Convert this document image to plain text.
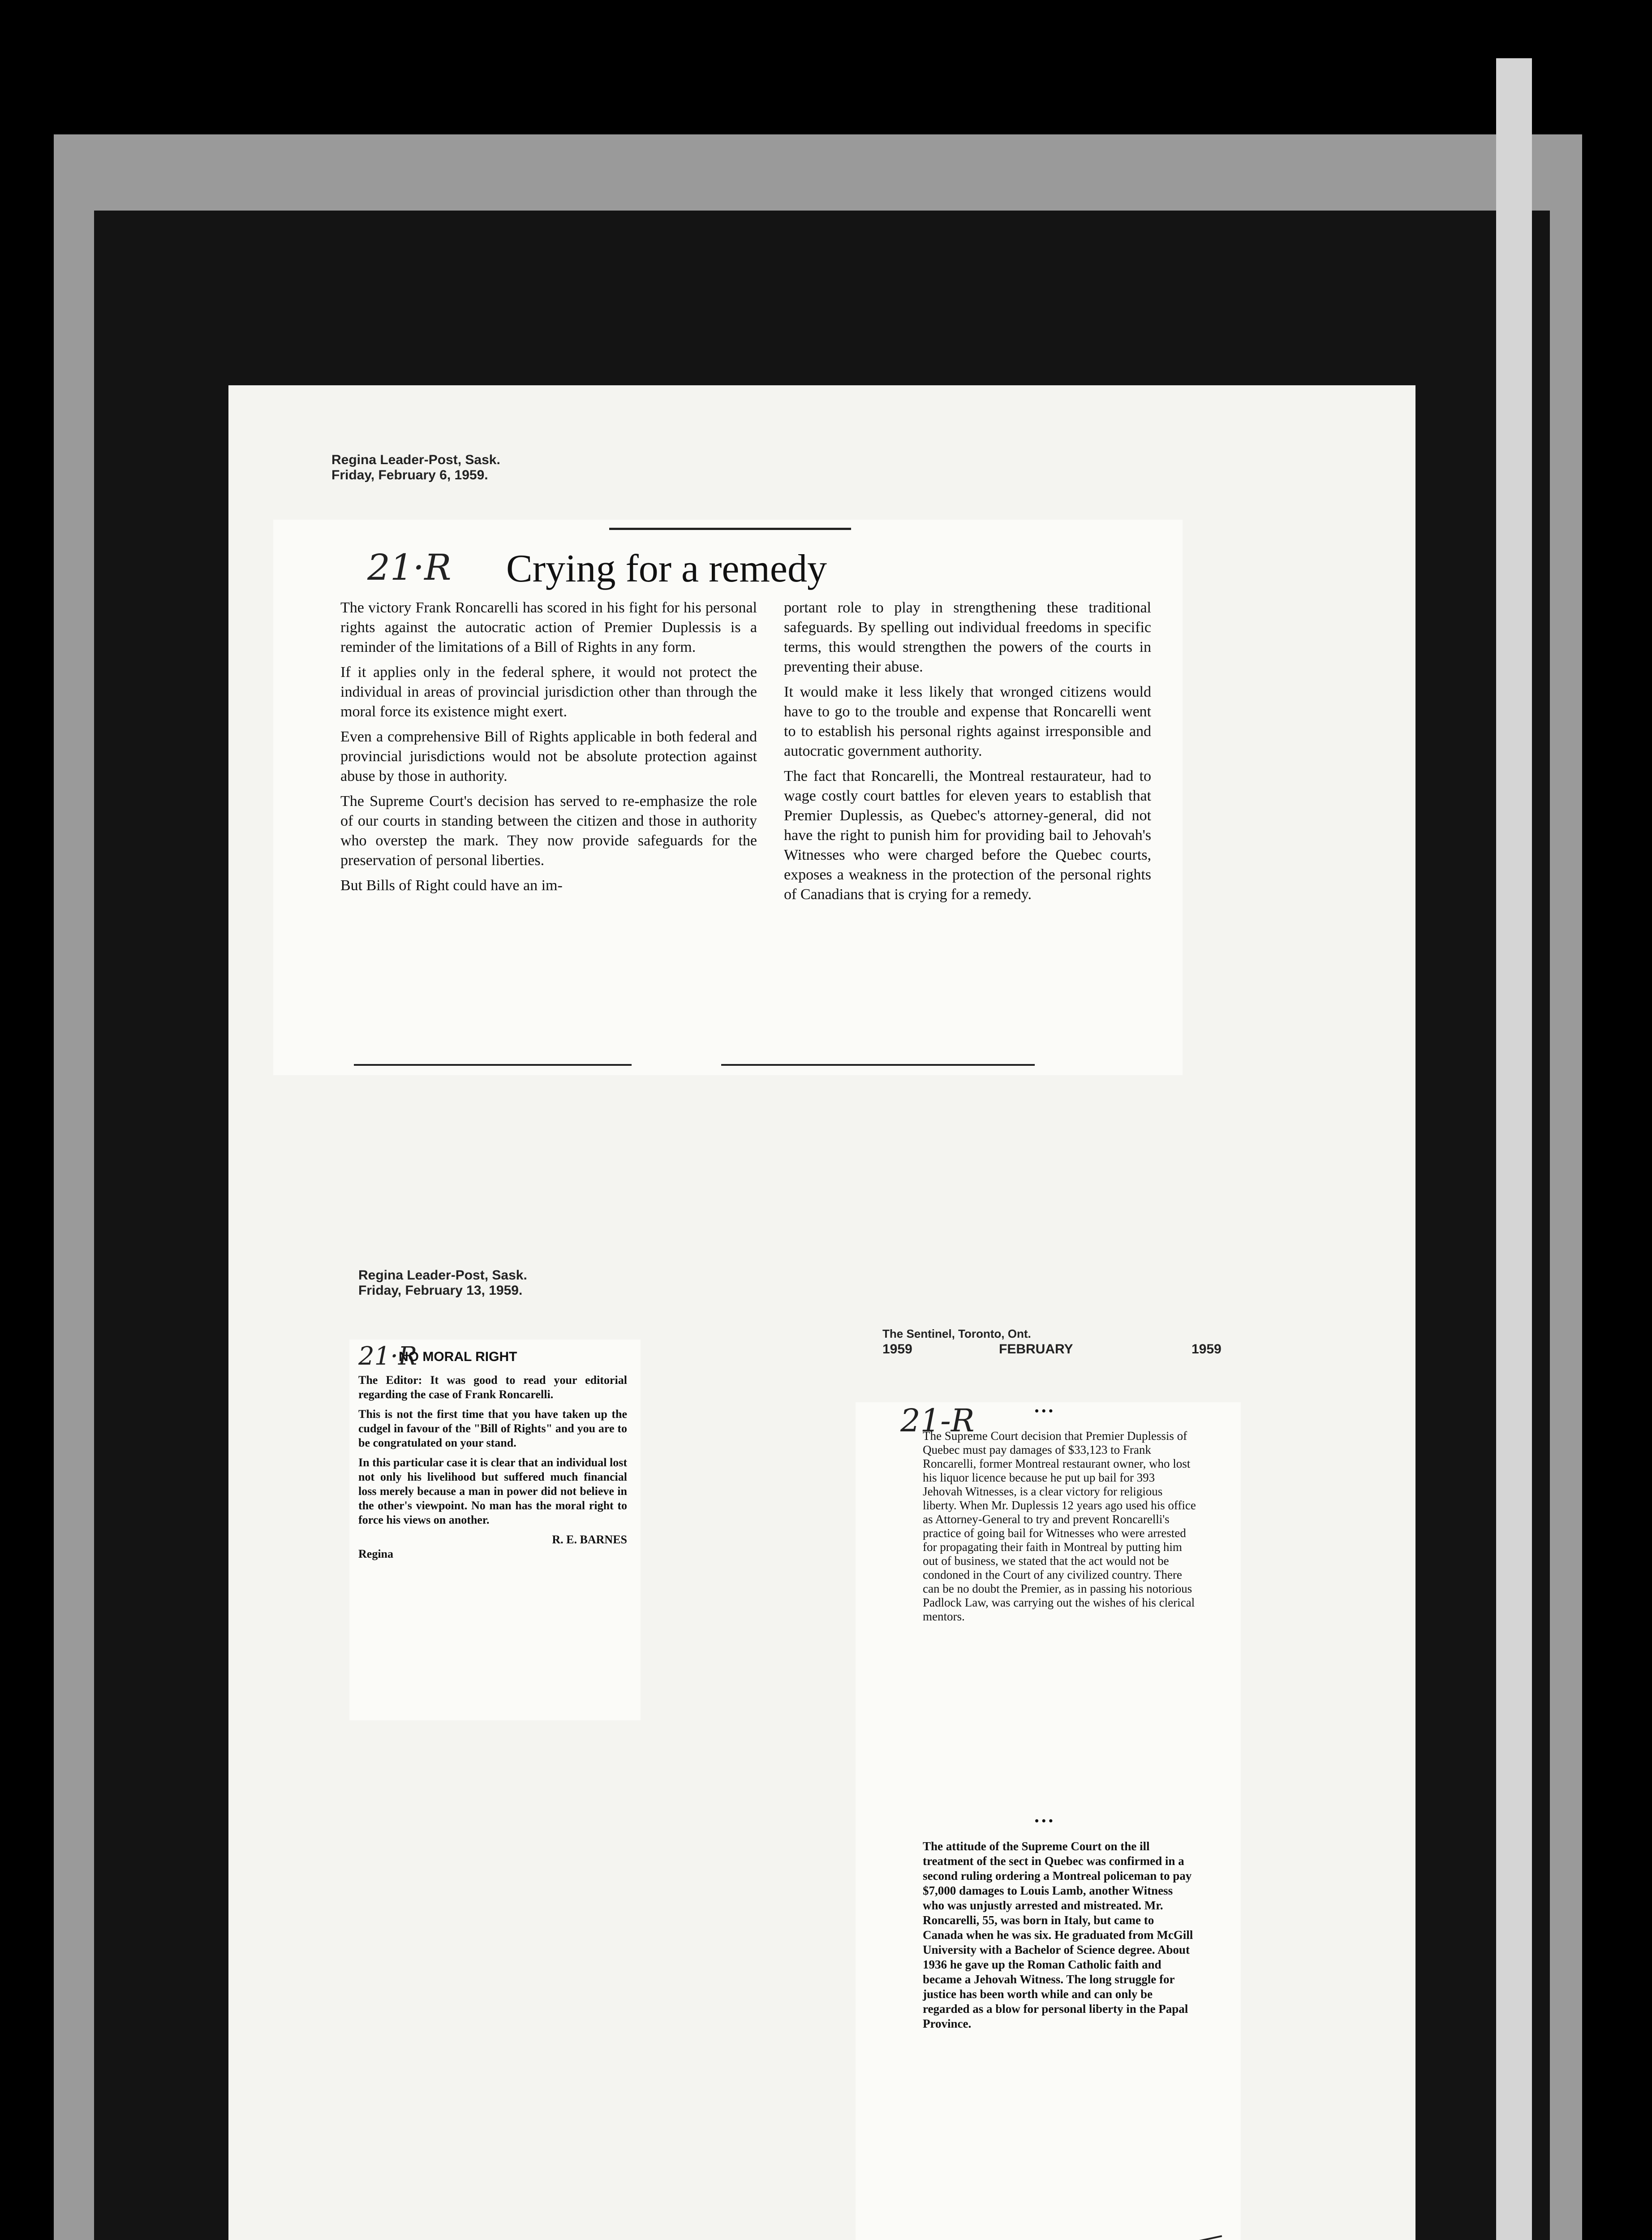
Regina Leader-Post, Sask.
Friday, February 6, 1959.
21·R Crying for a remedy

The victory Frank Roncarelli has scored in his fight for his personal rights against the autocratic action of Premier Duplessis is a reminder of the limitations of a Bill of Rights in any form.

If it applies only in the federal sphere, it would not protect the individual in areas of provincial jurisdiction other than through the moral force its existence might exert.

Even a comprehensive Bill of Rights applicable in both federal and provincial jurisdictions would not be absolute protection against abuse by those in authority.

The Supreme Court's decision has served to re-emphasize the role of our courts in standing between the citizen and those in authority who overstep the mark. They now provide safeguards for the preservation of personal liberties.

But Bills of Right could have an im-

portant role to play in strengthening these traditional safeguards. By spelling out individual freedoms in specific terms, this would strengthen the powers of the courts in preventing their abuse.

It would make it less likely that wronged citizens would have to go to the trouble and expense that Roncarelli went to to establish his personal rights against irresponsible and autocratic government authority.

The fact that Roncarelli, the Montreal restaurateur, had to wage costly court battles for eleven years to establish that Premier Duplessis, as Quebec's attorney-general, did not have the right to punish him for providing bail to Jehovah's Witnesses who were charged before the Quebec courts, exposes a weakness in the protection of the personal rights of Canadians that is crying for a remedy.

Regina Leader-Post, Sask.
Friday, February 13, 1959.
21·R
NO MORAL RIGHT

The Editor: It was good to read your editorial regarding the case of Frank Roncarelli.

This is not the first time that you have taken up the cudgel in favour of the "Bill of Rights" and you are to be congratulated on your stand.

In this particular case it is clear that an individual lost not only his livelihood but suffered much financial loss merely because a man in power did not believe in the other's viewpoint. No man has the moral right to force his views on another.

R. E. BARNES
Regina
The Sentinel, Toronto, Ont.
1959	FEBRUARY	1959
21-R	• • •
The Supreme Court decision that Premier Duplessis of Quebec must pay damages of $33,123 to Frank Roncarelli, former Montreal restaurant owner, who lost his liquor licence because he put up bail for 393 Jehovah Witnesses, is a clear victory for religious liberty. When Mr. Duplessis 12 years ago used his office as Attorney-General to try and prevent Roncarelli's practice of going bail for Witnesses who were arrested for propagating their faith in Montreal by putting him out of business, we stated that the act would not be condoned in the Court of any civilized country. There can be no doubt the Premier, as in passing his notorious Padlock Law, was carrying out the wishes of his clerical mentors.
• • •
The attitude of the Supreme Court on the ill treatment of the sect in Quebec was confirmed in a second ruling ordering a Montreal policeman to pay $7,000 damages to Louis Lamb, another Witness who was unjustly arrested and mistreated. Mr. Roncarelli, 55, was born in Italy, but came to Canada when he was six. He graduated from McGill University with a Bachelor of Science degree. About 1936 he gave up the Roman Catholic faith and became a Jehovah Witness. The long struggle for justice has been worth while and can only be regarded as a blow for personal liberty in the Papal Province.
